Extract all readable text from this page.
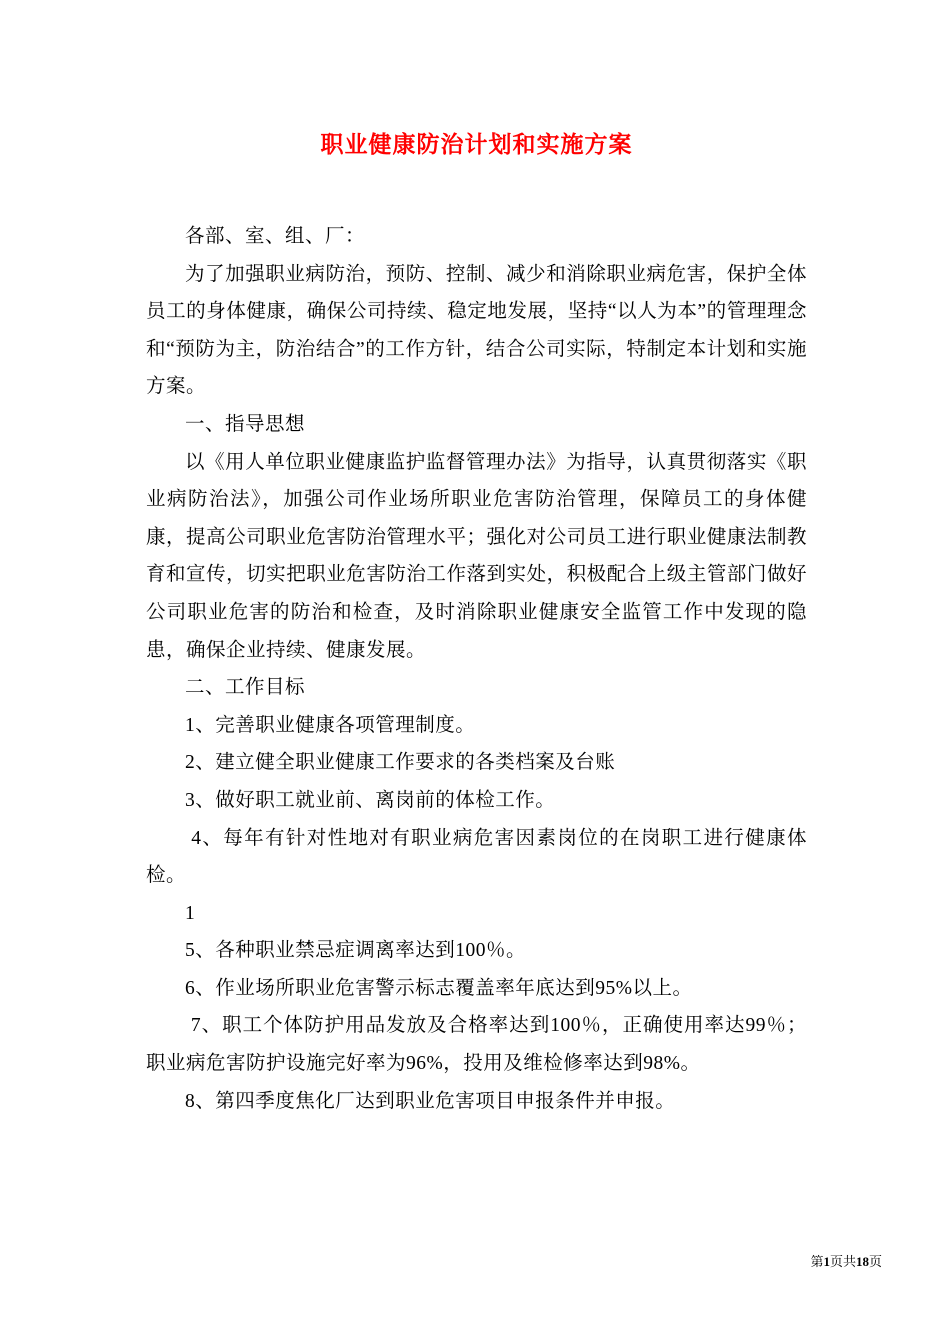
职业健康防治计划和实施方案

各部、室、组、厂：

为了加强职业病防治，预防、控制、减少和消除职业病危害，保护全体员工的身体健康，确保公司持续、稳定地发展，坚持“以人为本”的管理理念和“预防为主，防治结合”的工作方针，结合公司实际，特制定本计划和实施方案。

一、指导思想

以《用人单位职业健康监护监督管理办法》为指导，认真贯彻落实《职业病防治法》，加强公司作业场所职业危害防治管理，保障员工的身体健康，提高公司职业危害防治管理水平；强化对公司员工进行职业健康法制教育和宣传，切实把职业危害防治工作落到实处，积极配合上级主管部门做好公司职业危害的防治和检查，及时消除职业健康安全监管工作中发现的隐患，确保企业持续、健康发展。

二、工作目标

1、完善职业健康各项管理制度。

2、建立健全职业健康工作要求的各类档案及台账

3、做好职工就业前、离岗前的体检工作。

4、每年有针对性地对有职业病危害因素岗位的在岗职工进行健康体检。

1

5、各种职业禁忌症调离率达到100％。

6、作业场所职业危害警示标志覆盖率年底达到95%以上。

7、职工个体防护用品发放及合格率达到100％，正确使用率达99％；职业病危害防护设施完好率为96%，投用及维检修率达到98%。

8、第四季度焦化厂达到职业危害项目申报条件并申报。

第1页共18页
